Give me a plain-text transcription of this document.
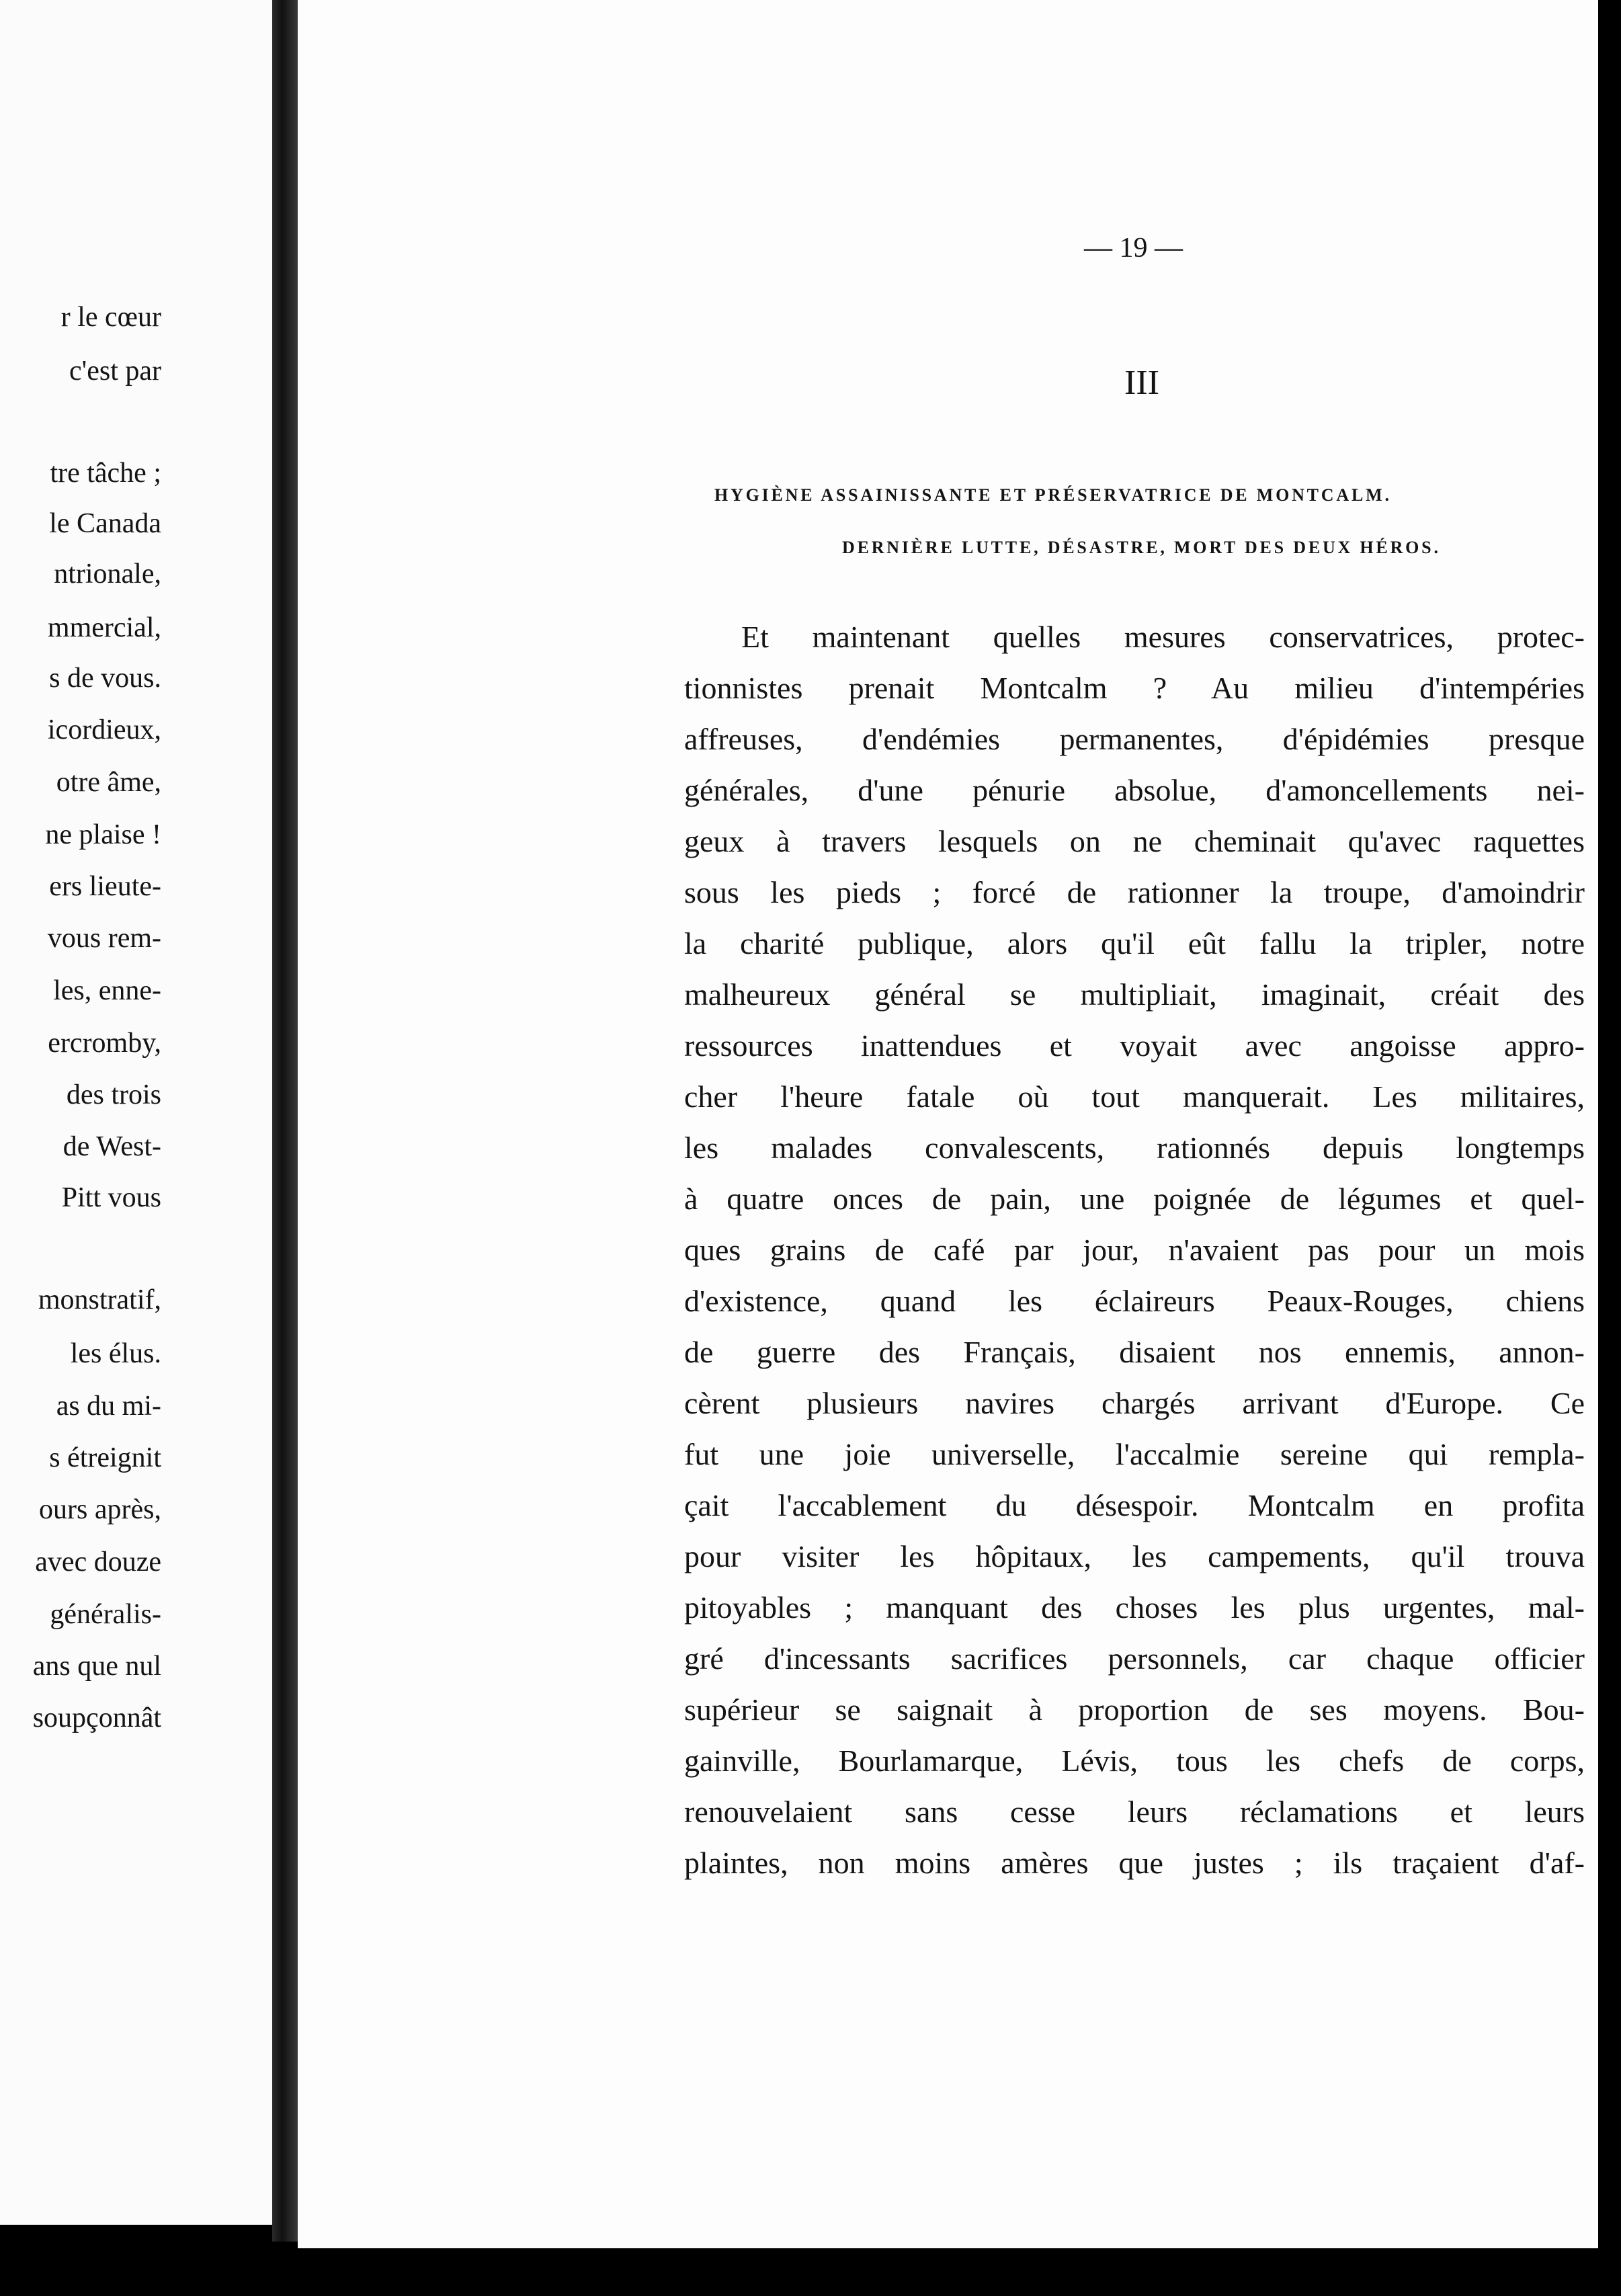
r le cœur
c'est par
tre tâche ;
le Canada
ntrionale,
mmercial,
s de vous.
icordieux,
otre âme,
ne plaise !
ers lieute-
vous rem-
les, enne-
ercromby,
des trois
de West-
Pitt vous
monstratif,
les élus.
as du mi-
s étreignit
ours après,
avec douze
généralis-
ans que nul
soupçonnât
— 19 —
III
HYGIÈNE ASSAINISSANTE ET PRÉSERVATRICE DE MONTCALM.
DERNIÈRE LUTTE, DÉSASTRE, MORT DES DEUX HÉROS.
Et maintenant quelles mesures conservatrices, protec-
tionnistes prenait Montcalm ? Au milieu d'intempéries
affreuses, d'endémies permanentes, d'épidémies presque
générales, d'une pénurie absolue, d'amoncellements nei-
geux à travers lesquels on ne cheminait qu'avec raquettes
sous les pieds ; forcé de rationner la troupe, d'amoindrir
la charité publique, alors qu'il eût fallu la tripler, notre
malheureux général se multipliait, imaginait, créait des
ressources inattendues et voyait avec angoisse appro-
cher l'heure fatale où tout manquerait. Les militaires,
les malades convalescents, rationnés depuis longtemps
à quatre onces de pain, une poignée de légumes et quel-
ques grains de café par jour, n'avaient pas pour un mois
d'existence, quand les éclaireurs Peaux-Rouges, chiens
de guerre des Français, disaient nos ennemis, annon-
cèrent plusieurs navires chargés arrivant d'Europe. Ce
fut une joie universelle, l'accalmie sereine qui rempla-
çait l'accablement du désespoir. Montcalm en profita
pour visiter les hôpitaux, les campements, qu'il trouva
pitoyables ; manquant des choses les plus urgentes, mal-
gré d'incessants sacrifices personnels, car chaque officier
supérieur se saignait à proportion de ses moyens. Bou-
gainville, Bourlamarque, Lévis, tous les chefs de corps,
renouvelaient sans cesse leurs réclamations et leurs
plaintes, non moins amères que justes ; ils traçaient d'af-
